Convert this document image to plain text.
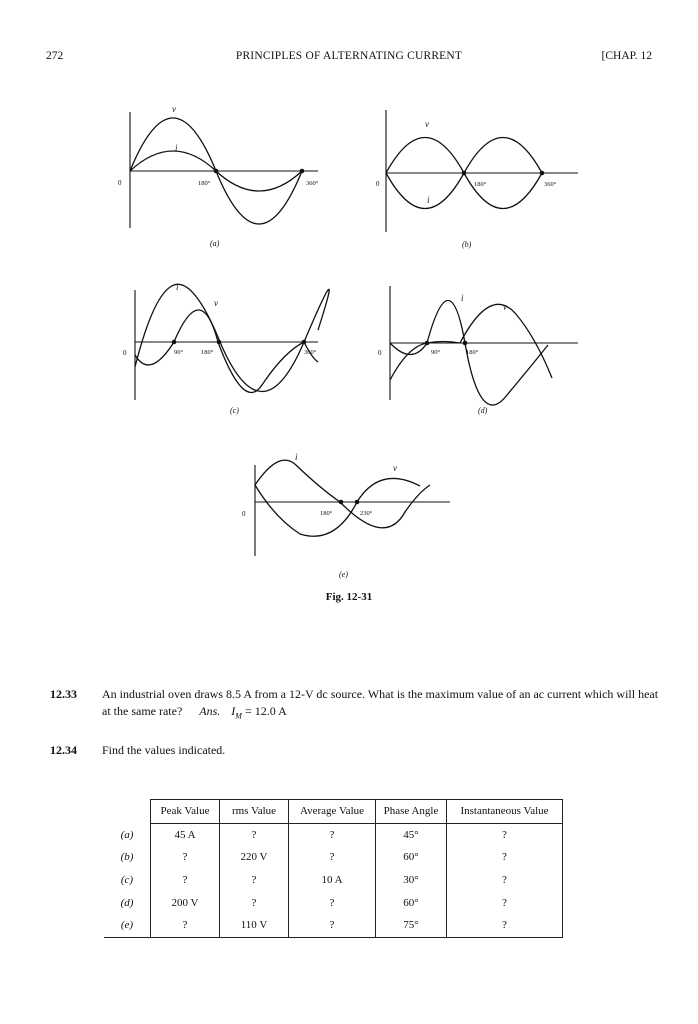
272	PRINCIPLES OF ALTERNATING CURRENT	[CHAP. 12
v
i
0	180°	360°
(a)
v
i
0	180°	360°
(b)
i
v
0	90°	180°	360°
(c)
i
v
0	90°	180°
(d)
i
v
0	180°	230°
(e)
Fig. 12-31
12.33 An industrial oven draws 8.5 A from a 12-V dc source. What is the maximum value of an ac current which will heat at the same rate? Ans. $I_M = 12.0$ A
12.34 Find the values indicated.
	Peak Value	rms Value	Average Value	Phase Angle	Instantaneous Value
(a)	45 A	?	?	45°	?
(b)	?	220 V	?	60°	?
(c)	?	?	10 A	30°	?
(d)	200 V	?	?	60°	?
(e)	?	110 V	?	75°	?
